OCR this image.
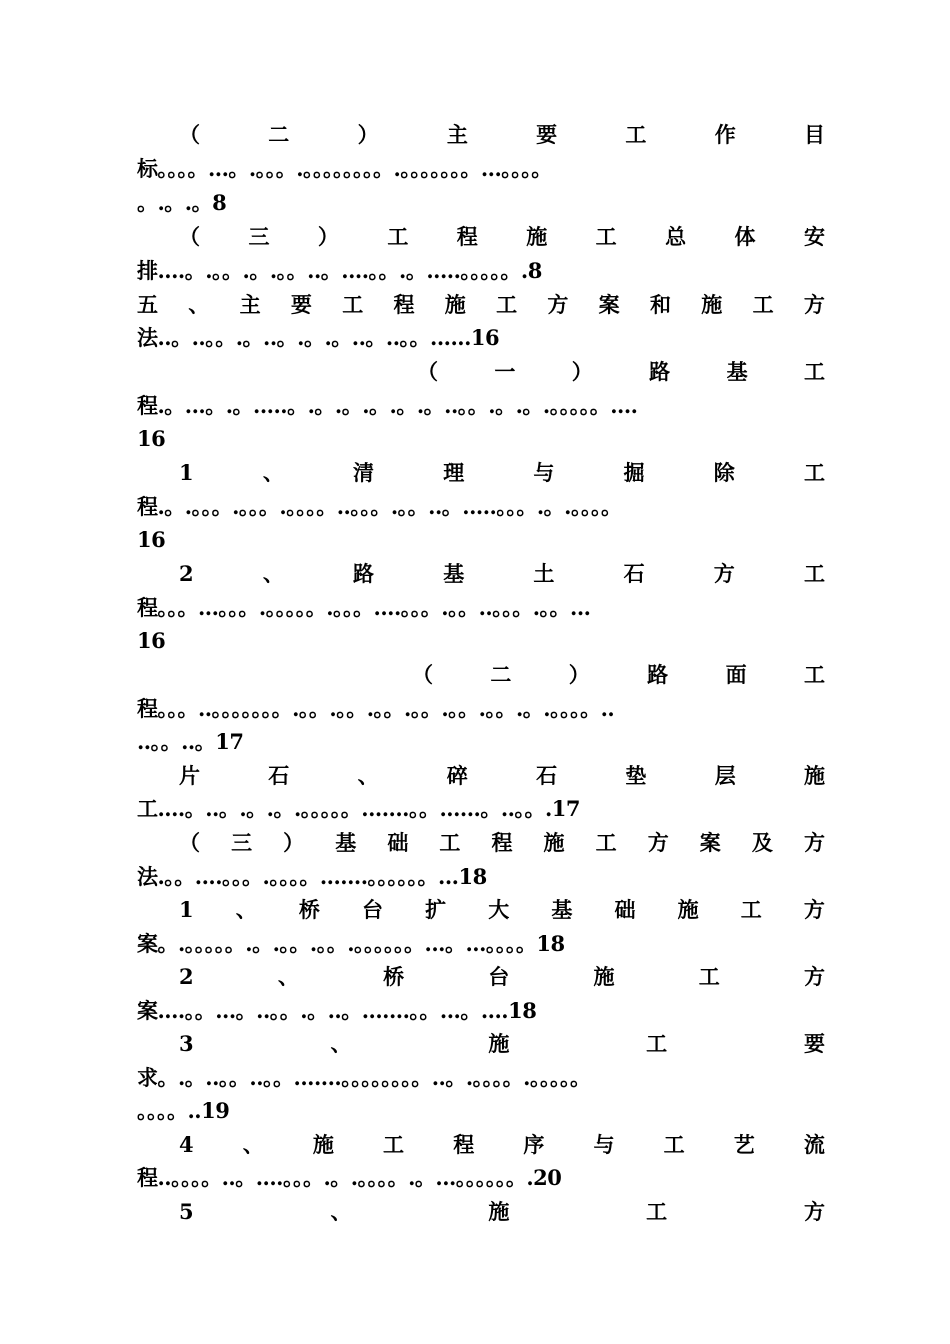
（	二	）	主	要	工	作	目
标。。。。...。.。。。.。。。。。。。。.。。。。。。。...。。。。
。.。.。8
（ 三 ） 工 程 施 工 总 体 安
排....。.。。.。.。。..。....。。.。.....。。。。。.8
五 、 主 要 工 程 施 工 方 案 和 施 工 方
法..。..。。.。..。.。.。..。..。。......16
（	一	）	路	基	工
程.。...。.。.....。.。.。.。.。.。..。。.。.。.。。。。。....
16
1	、	清	理	与	掘	除	工
程.。.。。。.。。。.。。。。..。。。.。。..。.....。。。.。.。。。。
16
2	、	路	基	土	石	方	工
程。。。...。。。.。。。。。.。。。....。。。.。。..。。。.。。...
16
（	二	）	路	面	工
程。。。..。。。。。。。.。。.。。.。。.。。.。。.。。.。.。。。。..
..。。..。17
片	石	、	碎	石	垫	层	施
工....。..。.。.。.。。。。。.......。。......。..。。.17
（ 三 ） 基 础 工 程 施 工 方 案 及 方
法.。。....。。。.。。。。.......。。。。。。...18
1 、 桥 台 扩 大 基 础 施 工 方
案。.。。。。。.。.。。.。。.。。。。。。...。...。。。。18
2	、	桥	台	施	工	方
案....。。...。..。。.。..。.......。。...。....18
3	、	施	工	要
求。.。..。。..。。.......。。。。。。。。..。.。。。。.。。。。。
。。。。..19
4 、 施 工 程 序 与 工 艺 流
程..。。。。..。....。。。.。.。。。。.。...。。。。。。.20
5	、	施	工	方
